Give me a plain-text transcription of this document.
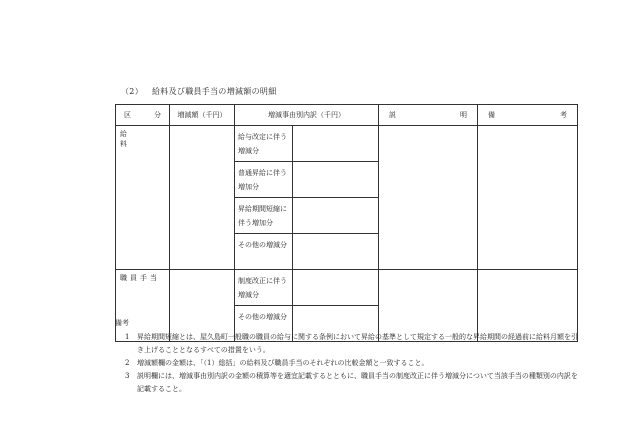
（2） 給料及び職員手当の増減額の明細
区　分	増減額（千円）	増減事由別内訳（千円）		説　明	備　考
給　料		給与改定に伴う増減分			
		普通昇給に伴う増加分			
		昇給期間短縮に伴う増加分			
		その他の増減分			
職員手当		制度改正に伴う増減分			
		その他の増減分			
備考
1 昇給期間短縮とは、屋久島町一般職の職員の給与に関する条例において昇給の基準として規定する一般的な昇給期間の経過前に給料月額を引き上げることとなるすべての措置をいう。
2 増減額欄の金額は、「（1）総括」の給料及び職員手当のそれぞれの比較金額と一致すること。
3 説明欄には、増減事由別内訳の金額の積算等を適宜記載するとともに、職員手当の制度改正に伴う増減分について当該手当の種類別の内訳を記載すること。
